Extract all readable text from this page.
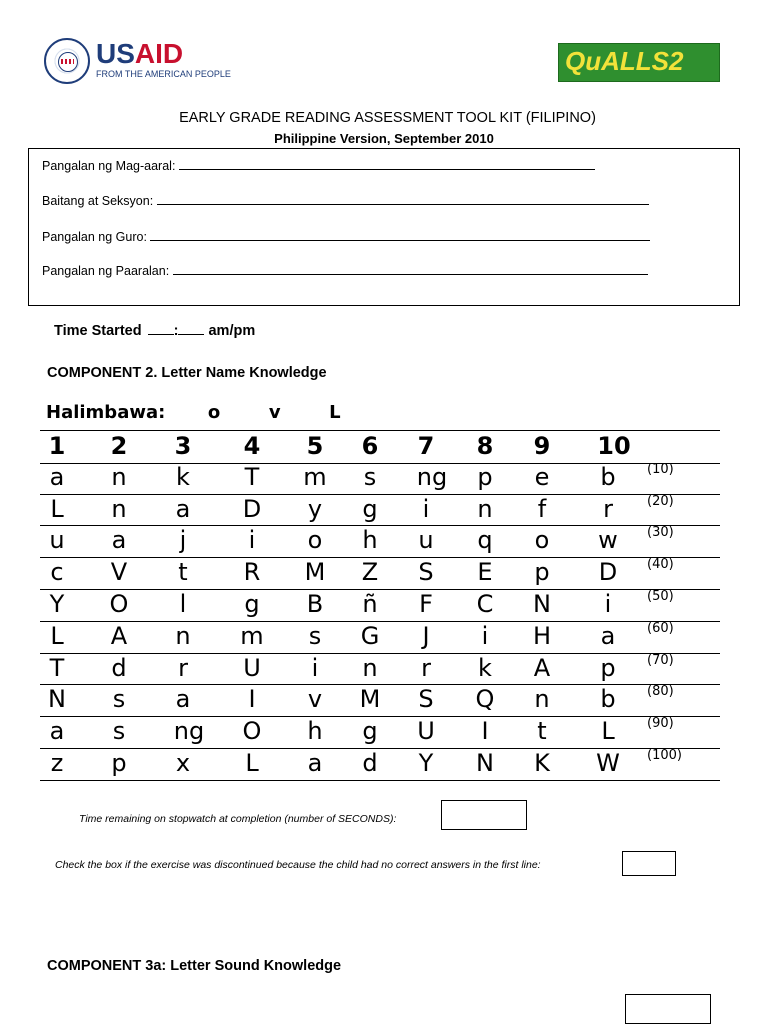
USAID
FROM THE AMERICAN PEOPLE	QuALLS2
EARLY GRADE READING ASSESSMENT TOOL KIT (FILIPINO)
Philippine Version, September 2010
Pangalan ng Mag-aaral:
Baitang at Seksyon:
Pangalan ng Guro:
Pangalan ng Paaralan:
Time Started : am/pm
COMPONENT 2. Letter Name Knowledge
Halimbawa: o	v	L
1	2	3	4	5	6	7	8	9	10
a	n	k	T	m	s	ng	p	e	b	(10)
L	n	a	D	y	g	i	n	f	r	(20)
u	a	j	i	o	h	u	q	o	w	(30)
c	V	t	R	M	Z	S	E	p	D	(40)
Y	O	l	g	B	ñ	F	C	N	i	(50)
L	A	n	m	s	G	J	i	H	a	(60)
T	d	r	U	i	n	r	k	A	p	(70)
N	s	a	I	v	M	S	Q	n	b	(80)
a	s	ng	O	h	g	U	I	t	L	(90)
z	p	x	L	a	d	Y	N	K	W	(100)
Time remaining on stopwatch at completion (number of SECONDS):
Check the box if the exercise was discontinued because the child had no correct answers in the first line:
COMPONENT 3a: Letter Sound Knowledge
